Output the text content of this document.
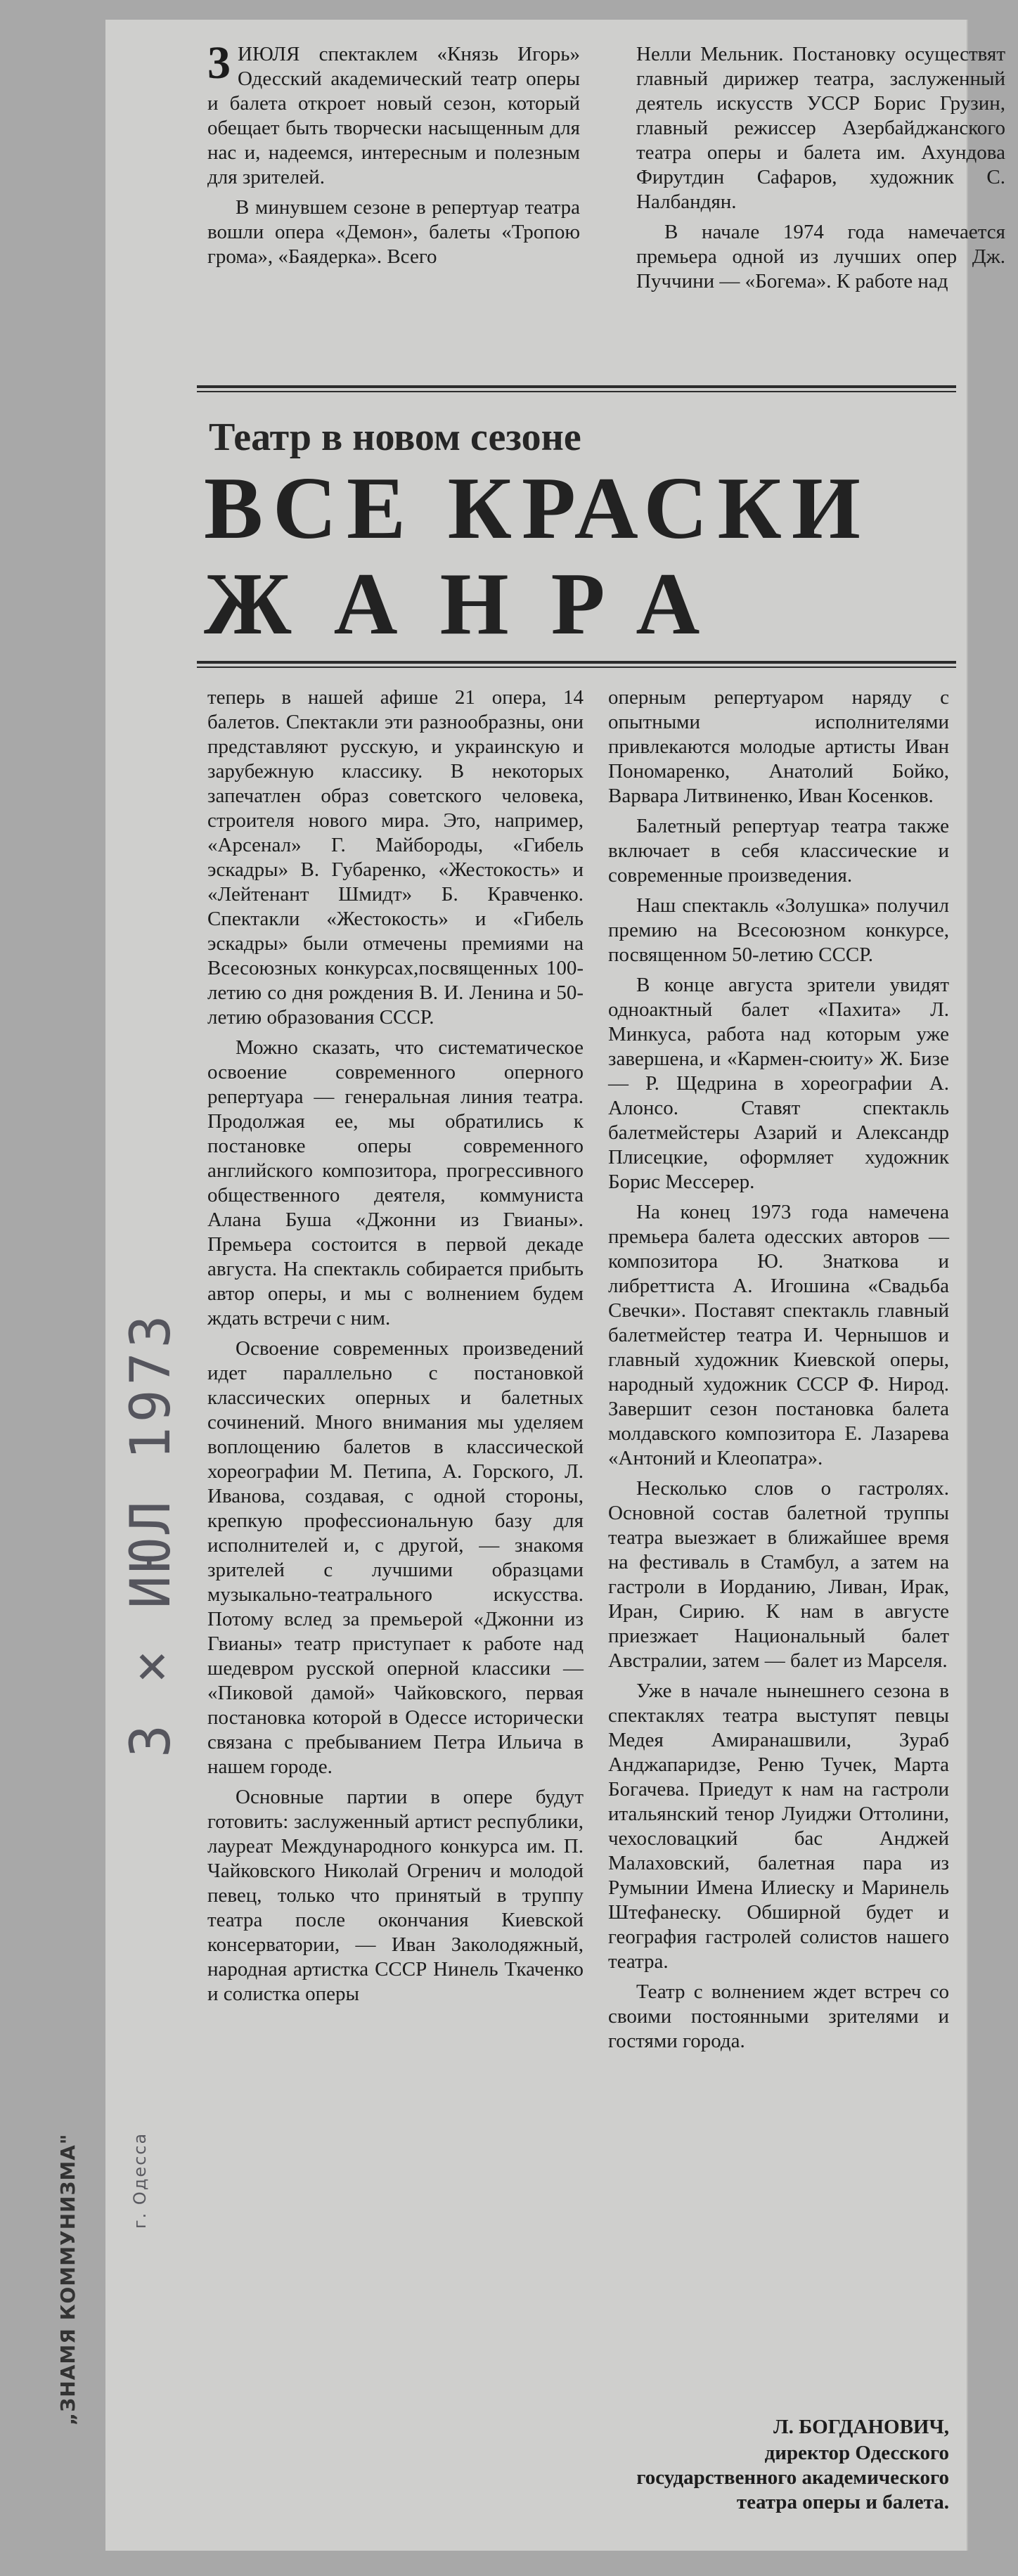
„ЗНАМЯ КОММУНИЗМА"	г. Одесса
3 × ИЮЛ 1973

3 ИЮЛЯ спектаклем «Князь Игорь» Одесский академический театр оперы и балета откроет новый сезон, который обещает быть творчески насыщенным для нас и, надеемся, интересным и полезным для зрителей.

В минувшем сезоне в репертуар театра вошли опера «Демон», балеты «Тропою грома», «Баядерка». Всего

Нелли Мельник. Постановку осуществят главный дирижер театра, заслуженный деятель искусств УССР Борис Грузин, главный режиссер Азербайджанского театра оперы и балета им. Ахундова Фирутдин Сафаров, художник С. Налбандян.

В начале 1974 года намечается премьера одной из лучших опер Дж. Пуччини — «Богема». К работе над

Театр в новом сезоне
ВСЕ КРАСКИ
ЖАНРА

теперь в нашей афише 21 опера, 14 балетов. Спектакли эти разнообразны, они представляют русскую, и украинскую и зарубежную классику. В некоторых запечатлен образ советского человека, строителя нового мира. Это, например, «Арсенал» Г. Майбороды, «Гибель эскадры» В. Губаренко, «Жестокость» и «Лейтенант Шмидт» Б. Кравченко. Спектакли «Жестокость» и «Гибель эскадры» были отмечены премиями на Всесоюзных конкурсах,посвященных 100-летию со дня рождения В. И. Ленина и 50-летию образования СССР.

Можно сказать, что систематическое освоение современного оперного репертуара — генеральная линия театра. Продолжая ее, мы обратились к постановке оперы современного английского композитора, прогрессивного общественного деятеля, коммуниста Алана Буша «Джонни из Гвианы». Премьера состоится в первой декаде августа. На спектакль собирается прибыть автор оперы, и мы с волнением будем ждать встречи с ним.

Освоение современных произведений идет параллельно с постановкой классических оперных и балетных сочинений. Много внимания мы уделяем воплощению балетов в классической хореографии М. Петипа, А. Горского, Л. Иванова, создавая, с одной стороны, крепкую профессиональную базу для исполнителей и, с другой, — знакомя зрителей с лучшими образцами музыкально-театрального искусства. Потому вслед за премьерой «Джонни из Гвианы» театр приступает к работе над шедевром русской оперной классики — «Пиковой дамой» Чайковского, первая постановка которой в Одессе исторически связана с пребыванием Петра Ильича в нашем городе.

Основные партии в опере будут готовить: заслуженный артист республики, лауреат Международного конкурса им. П. Чайковского Николай Огренич и молодой певец, только что принятый в труппу театра после окончания Киевской консерватории, — Иван Заколодяжный, народная артистка СССР Нинель Ткаченко и солистка оперы

оперным репертуаром наряду с опытными исполнителями привлекаются молодые артисты Иван Пономаренко, Анатолий Бойко, Варвара Литвиненко, Иван Косенков.

Балетный репертуар театра также включает в себя классические и современные произведения.

Наш спектакль «Золушка» получил премию на Всесоюзном конкурсе, посвященном 50-летию СССР.

В конце августа зрители увидят одноактный балет «Пахита» Л. Минкуса, работа над которым уже завершена, и «Кармен-сюиту» Ж. Бизе — Р. Щедрина в хореографии А. Алонсо. Ставят спектакль балетмейстеры Азарий и Александр Плисецкие, оформляет художник Борис Мессерер.

На конец 1973 года намечена премьера балета одесских авторов — композитора Ю. Знаткова и либреттиста А. Игошина «Свадьба Свечки». Поставят спектакль главный балетмейстер театра И. Чернышов и главный художник Киевской оперы, народный художник СССР Ф. Нирод. Завершит сезон постановка балета молдавского композитора Е. Лазарева «Антоний и Клеопатра».

Несколько слов о гастролях. Основной состав балетной труппы театра выезжает в ближайшее время на фестиваль в Стамбул, а затем на гастроли в Иорданию, Ливан, Ирак, Иран, Сирию. К нам в августе приезжает Национальный балет Австралии, затем — балет из Марселя.

Уже в начале нынешнего сезона в спектаклях театра выступят певцы Медея Амиранашвили, Зураб Анджапаридзе, Реню Тучек, Марта Богачева. Приедут к нам на гастроли итальянский тенор Луиджи Оттолини, чехословацкий бас Анджей Малаховский, балетная пара из Румынии Имена Илиеску и Маринель Штефанеску. Обширной будет и география гастролей солистов нашего театра.

Театр с волнением ждет встреч со своими постоянными зрителями и гостями города.

Л. БОГДАНОВИЧ,
директор Одесского государственного академического театра оперы и балета.
